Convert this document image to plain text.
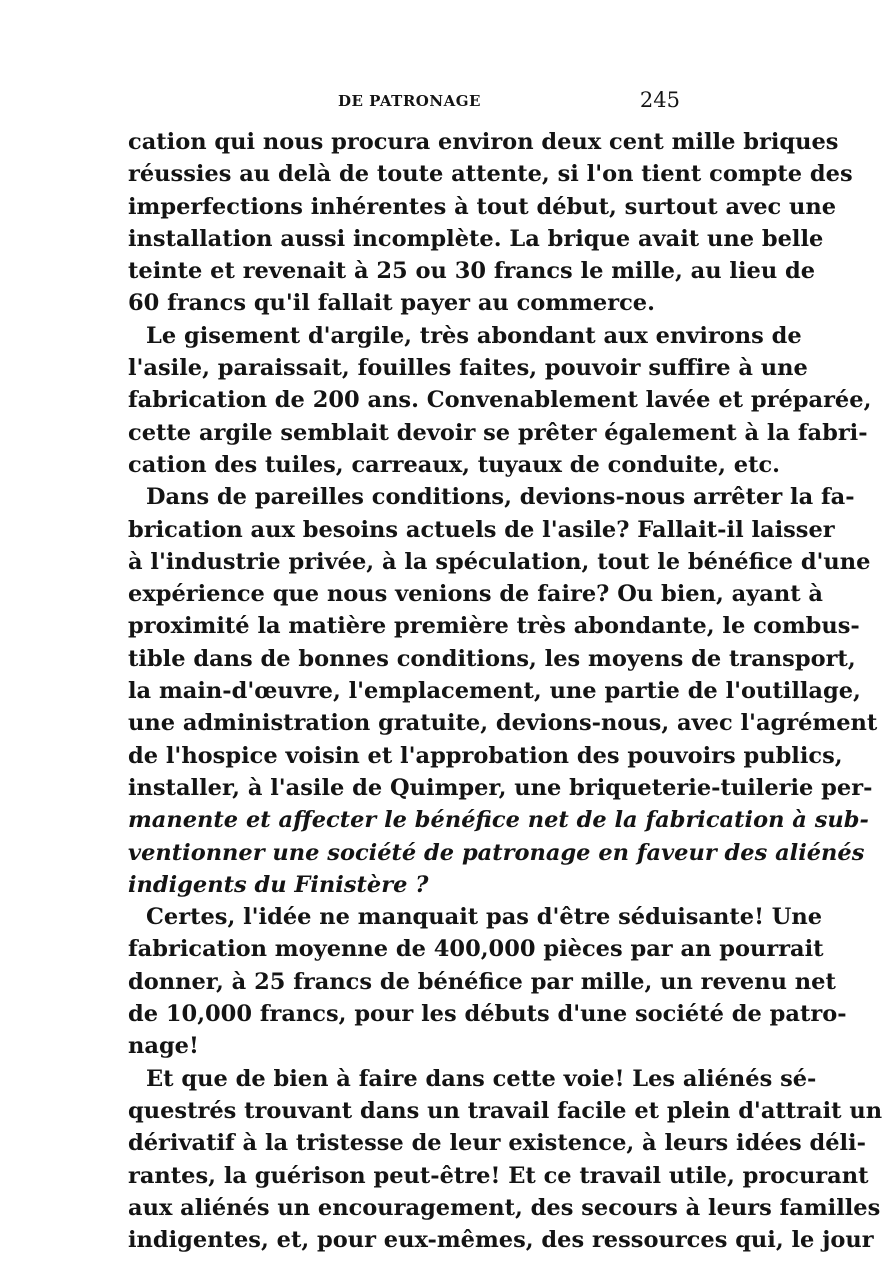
DE PATRONAGE	245
cation qui nous procura environ deux cent mille briques
réussies au delà de toute attente, si l'on tient compte des
imperfections inhérentes à tout début, surtout avec une
installation aussi incomplète. La brique avait une belle
teinte et revenait à 25 ou 30 francs le mille, au lieu de
60 francs qu'il fallait payer au commerce.
Le gisement d'argile, très abondant aux environs de
l'asile, paraissait, fouilles faites, pouvoir suffire à une
fabrication de 200 ans. Convenablement lavée et préparée,
cette argile semblait devoir se prêter également à la fabri-
cation des tuiles, carreaux, tuyaux de conduite, etc.
Dans de pareilles conditions, devions-nous arrêter la fa-
brication aux besoins actuels de l'asile? Fallait-il laisser
à l'industrie privée, à la spéculation, tout le bénéfice d'une
expérience que nous venions de faire? Ou bien, ayant à
proximité la matière première très abondante, le combus-
tible dans de bonnes conditions, les moyens de transport,
la main-d'œuvre, l'emplacement, une partie de l'outillage,
une administration gratuite, devions-nous, avec l'agrément
de l'hospice voisin et l'approbation des pouvoirs publics,
installer, à l'asile de Quimper, une briqueterie-tuilerie per-
manente et affecter le bénéfice net de la fabrication à sub-
ventionner une société de patronage en faveur des aliénés
indigents du Finistère ?
Certes, l'idée ne manquait pas d'être séduisante! Une
fabrication moyenne de 400,000 pièces par an pourrait
donner, à 25 francs de bénéfice par mille, un revenu net
de 10,000 francs, pour les débuts d'une société de patro-
nage!
Et que de bien à faire dans cette voie! Les aliénés sé-
questrés trouvant dans un travail facile et plein d'attrait un
dérivatif à la tristesse de leur existence, à leurs idées déli-
rantes, la guérison peut-être! Et ce travail utile, procurant
aux aliénés un encouragement, des secours à leurs familles
indigentes, et, pour eux-mêmes, des ressources qui, le jour
